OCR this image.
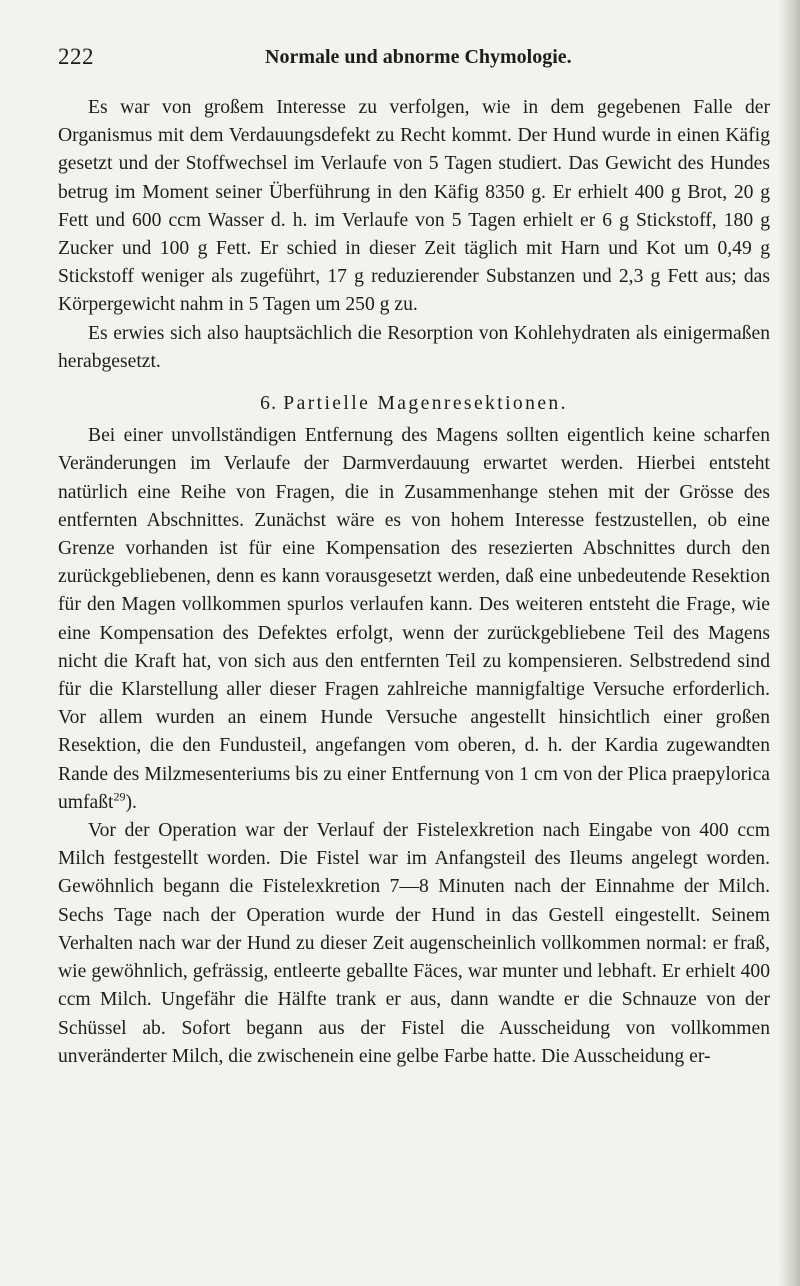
222	Normale und abnorme Chymologie.

Es war von großem Interesse zu verfolgen, wie in dem gegebenen Falle der Organismus mit dem Verdauungsdefekt zu Recht kommt. Der Hund wurde in einen Käfig gesetzt und der Stoffwechsel im Verlaufe von 5 Tagen studiert. Das Gewicht des Hundes betrug im Moment seiner Überführung in den Käfig 8350 g. Er erhielt 400 g Brot, 20 g Fett und 600 ccm Wasser d. h. im Verlaufe von 5 Tagen erhielt er 6 g Stickstoff, 180 g Zucker und 100 g Fett. Er schied in dieser Zeit täglich mit Harn und Kot um 0,49 g Stickstoff weniger als zugeführt, 17 g reduzierender Substanzen und 2,3 g Fett aus; das Körpergewicht nahm in 5 Tagen um 250 g zu.

Es erwies sich also hauptsächlich die Resorption von Kohlehydraten als einigermaßen herabgesetzt.

6. Partielle Magenresektionen.

Bei einer unvollständigen Entfernung des Magens sollten eigentlich keine scharfen Veränderungen im Verlaufe der Darmverdauung erwartet werden. Hierbei entsteht natürlich eine Reihe von Fragen, die in Zusammenhange stehen mit der Grösse des entfernten Abschnittes. Zunächst wäre es von hohem Interesse festzustellen, ob eine Grenze vorhanden ist für eine Kompensation des resezierten Abschnittes durch den zurückgebliebenen, denn es kann vorausgesetzt werden, daß eine unbedeutende Resektion für den Magen vollkommen spurlos verlaufen kann. Des weiteren entsteht die Frage, wie eine Kompensation des Defektes erfolgt, wenn der zurückgebliebene Teil des Magens nicht die Kraft hat, von sich aus den entfernten Teil zu kompensieren. Selbstredend sind für die Klarstellung aller dieser Fragen zahlreiche mannigfaltige Versuche erforderlich. Vor allem wurden an einem Hunde Versuche angestellt hinsichtlich einer großen Resektion, die den Fundusteil, angefangen vom oberen, d. h. der Kardia zugewandten Rande des Milzmesenteriums bis zu einer Entfernung von 1 cm von der Plica praepylorica umfaßt$^{29}$).

Vor der Operation war der Verlauf der Fistelexkretion nach Eingabe von 400 ccm Milch festgestellt worden. Die Fistel war im Anfangsteil des Ileums angelegt worden. Gewöhnlich begann die Fistelexkretion 7—8 Minuten nach der Einnahme der Milch. Sechs Tage nach der Operation wurde der Hund in das Gestell eingestellt. Seinem Verhalten nach war der Hund zu dieser Zeit augenscheinlich vollkommen normal: er fraß, wie gewöhnlich, gefrässig, entleerte geballte Fäces, war munter und lebhaft. Er erhielt 400 ccm Milch. Ungefähr die Hälfte trank er aus, dann wandte er die Schnauze von der Schüssel ab. Sofort begann aus der Fistel die Ausscheidung von vollkommen unveränderter Milch, die zwischenein eine gelbe Farbe hatte. Die Ausscheidung er-
